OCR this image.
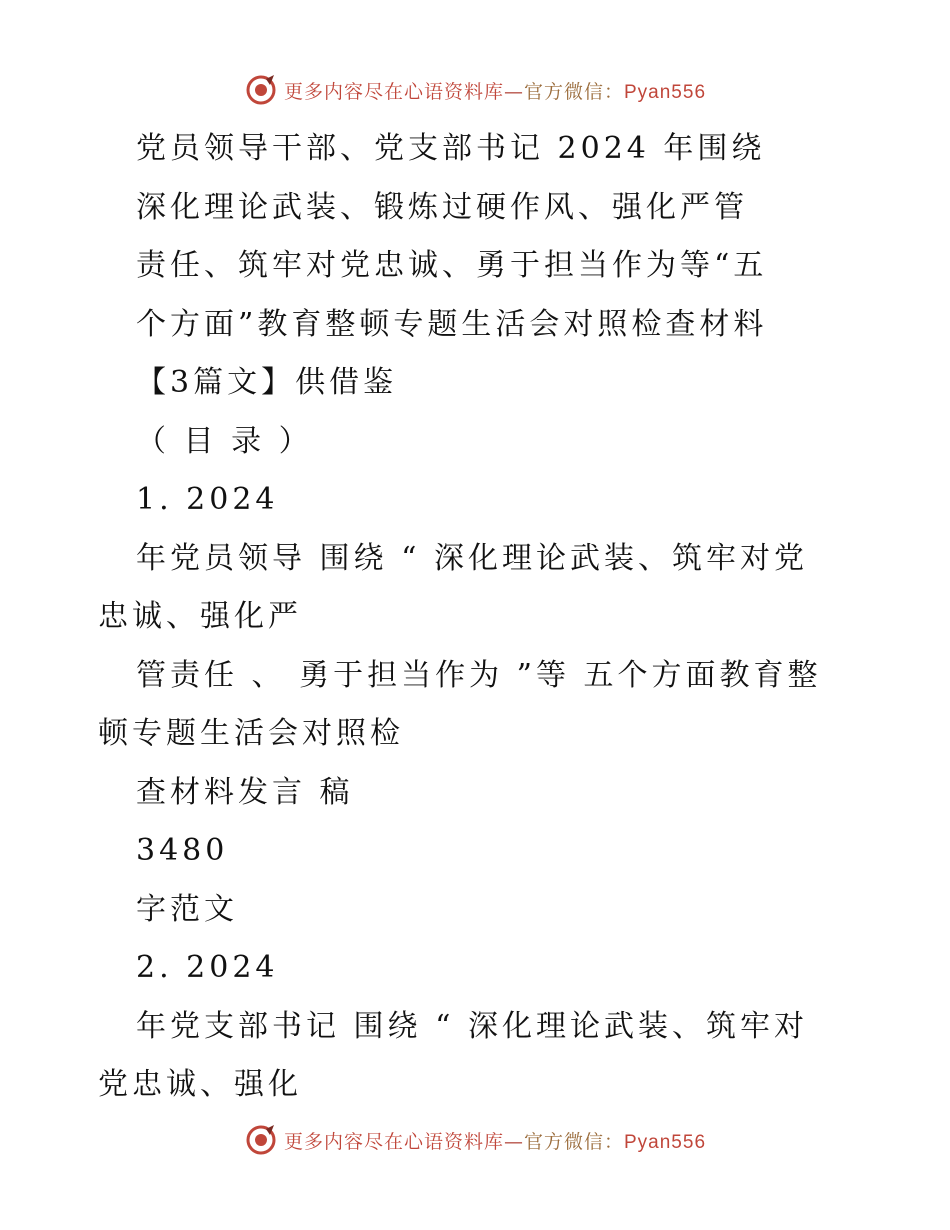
更多内容尽在心语资料库—官方微信：Pyan556
党员领导干部、党支部书记 2024 年围绕
深化理论武装、锻炼过硬作风、强化严管
责任、筑牢对党忠诚、勇于担当作为等“五
个方面”教育整顿专题生活会对照检查材料
【3篇文】供借鉴
（ 目 录 ）
1. 2024
年党员领导 围绕 “ 深化理论武装、筑牢对党
忠诚、强化严
管责任 、 勇于担当作为 ”等 五个方面教育整
顿专题生活会对照检
查材料发言 稿
3480
字范文
2. 2024
年党支部书记 围绕 “ 深化理论武装、筑牢对
党忠诚、强化
更多内容尽在心语资料库—官方微信：Pyan556
